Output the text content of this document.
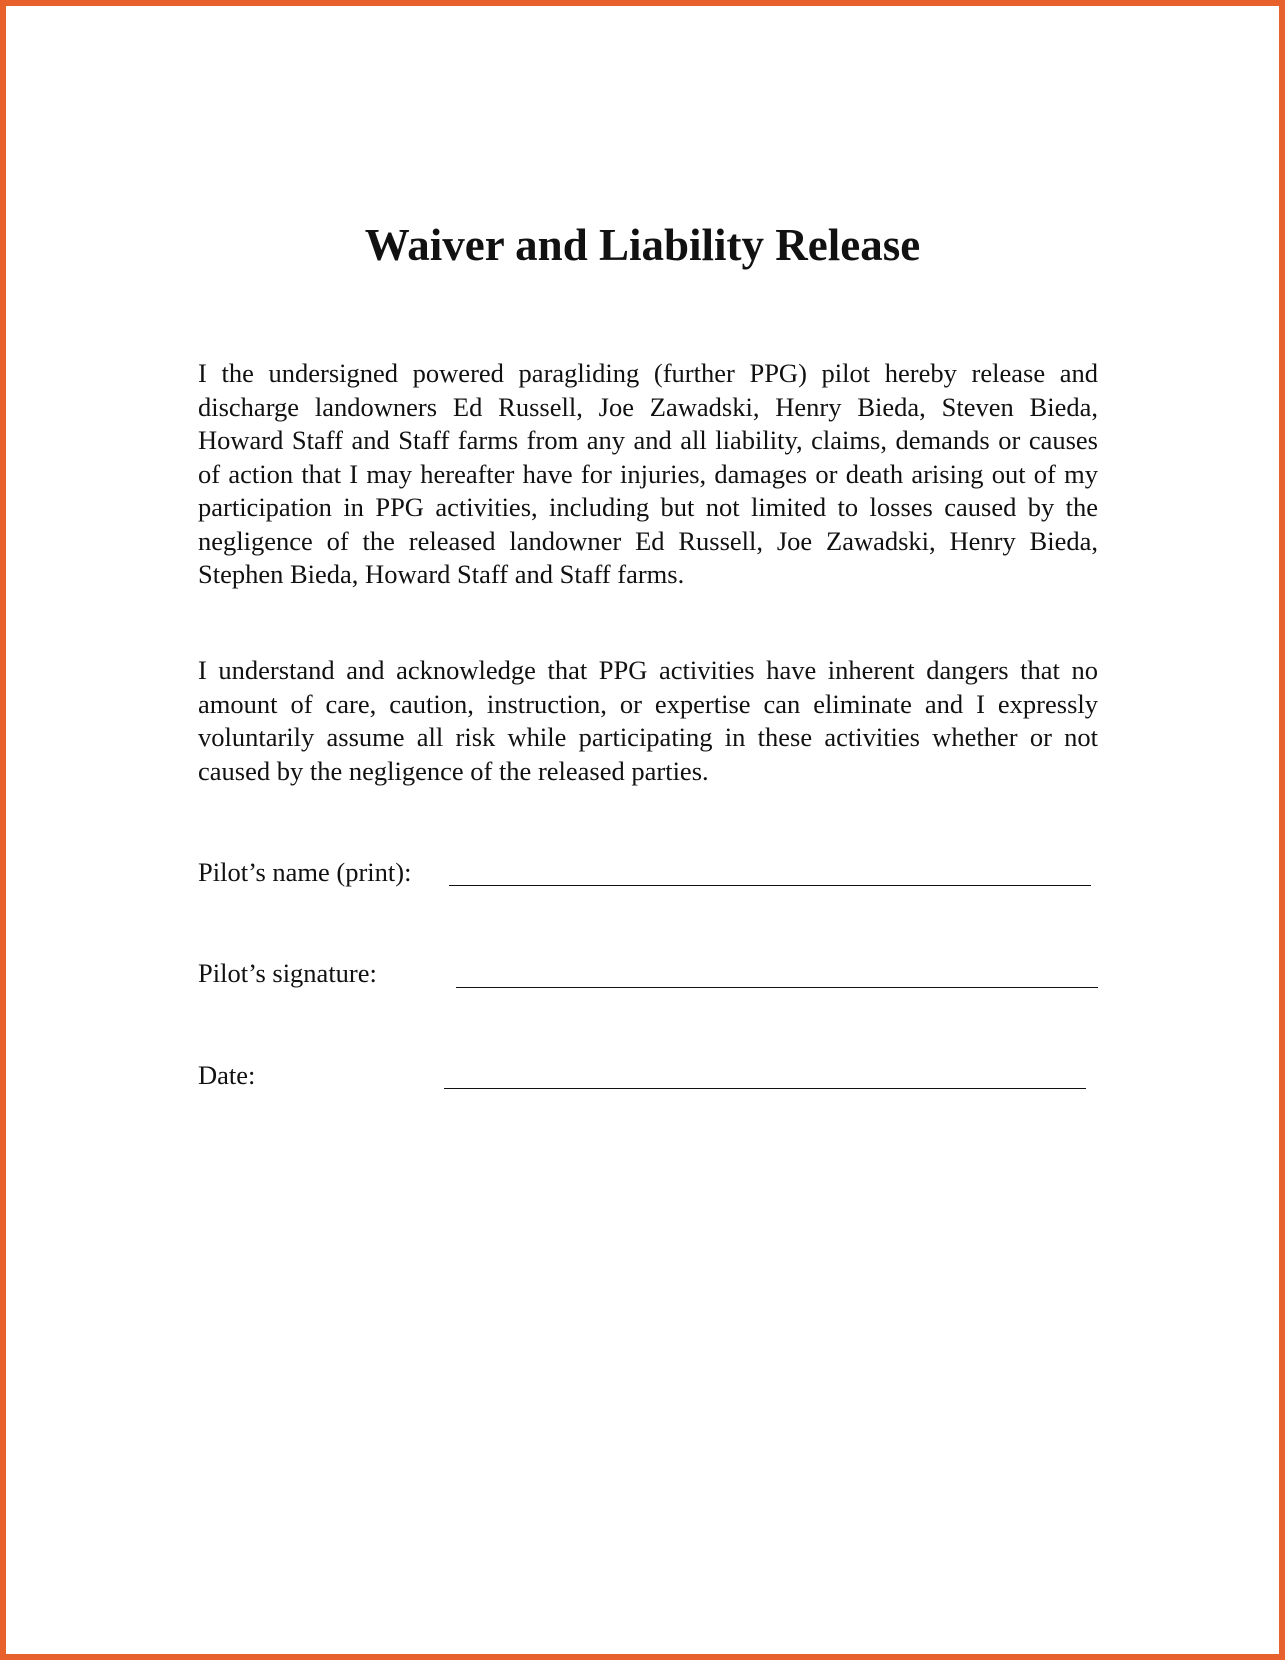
Waiver and Liability Release

I the undersigned powered paragliding (further PPG) pilot hereby release and discharge landowners Ed Russell, Joe Zawadski, Henry Bieda, Steven Bieda, Howard Staff and Staff farms from any and all liability, claims, demands or causes of action that I may hereafter have for injuries, damages or death arising out of my participation in PPG activities, including but not limited to losses caused by the negligence of the released landowner Ed Russell, Joe Zawadski, Henry Bieda, Stephen Bieda, Howard Staff and Staff farms.

I understand and acknowledge that PPG activities have inherent dangers that no amount of care, caution, instruction, or expertise can eliminate and I expressly voluntarily assume all risk while participating in these activities whether or not caused by the negligence of the released parties.

Pilot’s name (print):
Pilot’s signature:
Date:
